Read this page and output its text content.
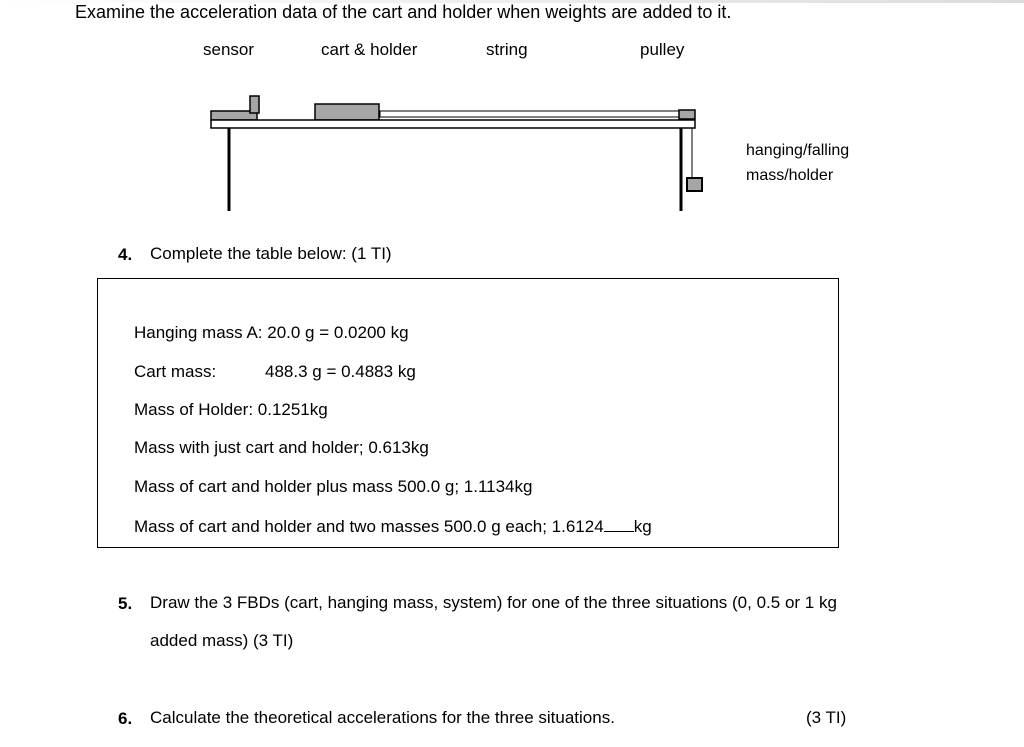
Examine the acceleration data of the cart and holder when weights are added to it.
sensor	cart & holder	string	pulley
hanging/falling
mass/holder
4. Complete the table below: (1 TI)
Hanging mass A: 20.0 g = 0.0200 kg
Cart mass:	488.3 g = 0.4883 kg
Mass of Holder: 0.1251kg
Mass with just cart and holder; 0.613kg
Mass of cart and holder plus mass 500.0 g; 1.1134kg
Mass of cart and holder and two masses 500.0 g each; 1.6124 kg
5. Draw the 3 FBDs (cart, hanging mass, system) for one of the three situations (0, 0.5 or 1 kg
added mass) (3 TI)
6. Calculate the theoretical accelerations for the three situations.	(3 TI)
